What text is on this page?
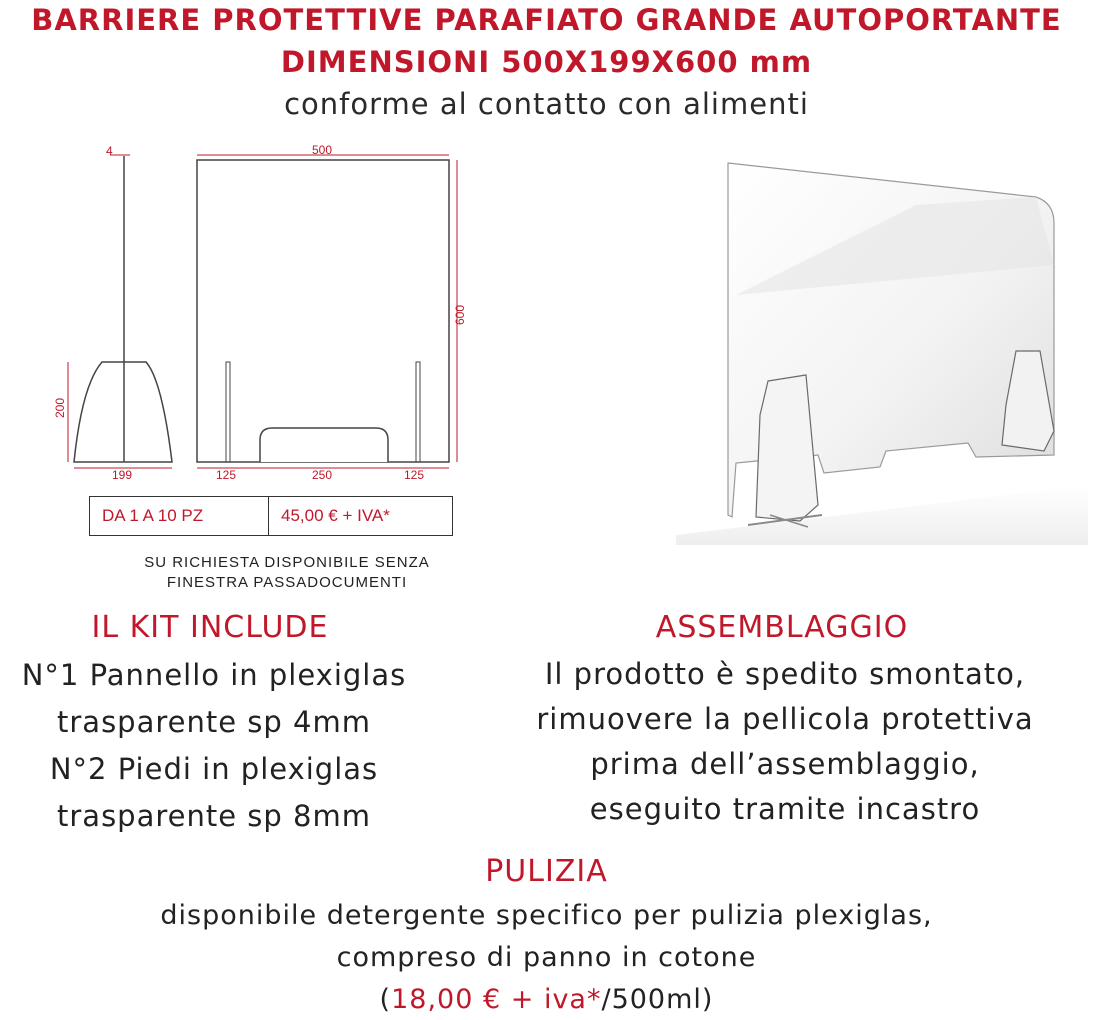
BARRIERE PROTETTIVE PARAFIATO GRANDE AUTOPORTANTE
DIMENSIONI 500X199X600 mm
conforme al contatto con alimenti
4
200
199
500
600
125	250	125
DA 1 A 10 PZ	45,00 € + IVA*
SU RICHIESTA DISPONIBILE SENZA
FINESTRA PASSADOCUMENTI
IL KIT INCLUDE
N°1 Pannello in plexiglas
trasparente sp 4mm
N°2 Piedi in plexiglas
trasparente sp 8mm
ASSEMBLAGGIO
Il prodotto è spedito smontato,
rimuovere la pellicola protettiva
prima dell’assemblaggio,
eseguito tramite incastro
PULIZIA
disponibile detergente specifico per pulizia plexiglas,
compreso di panno in cotone
(18,00 € + iva*/500ml)
